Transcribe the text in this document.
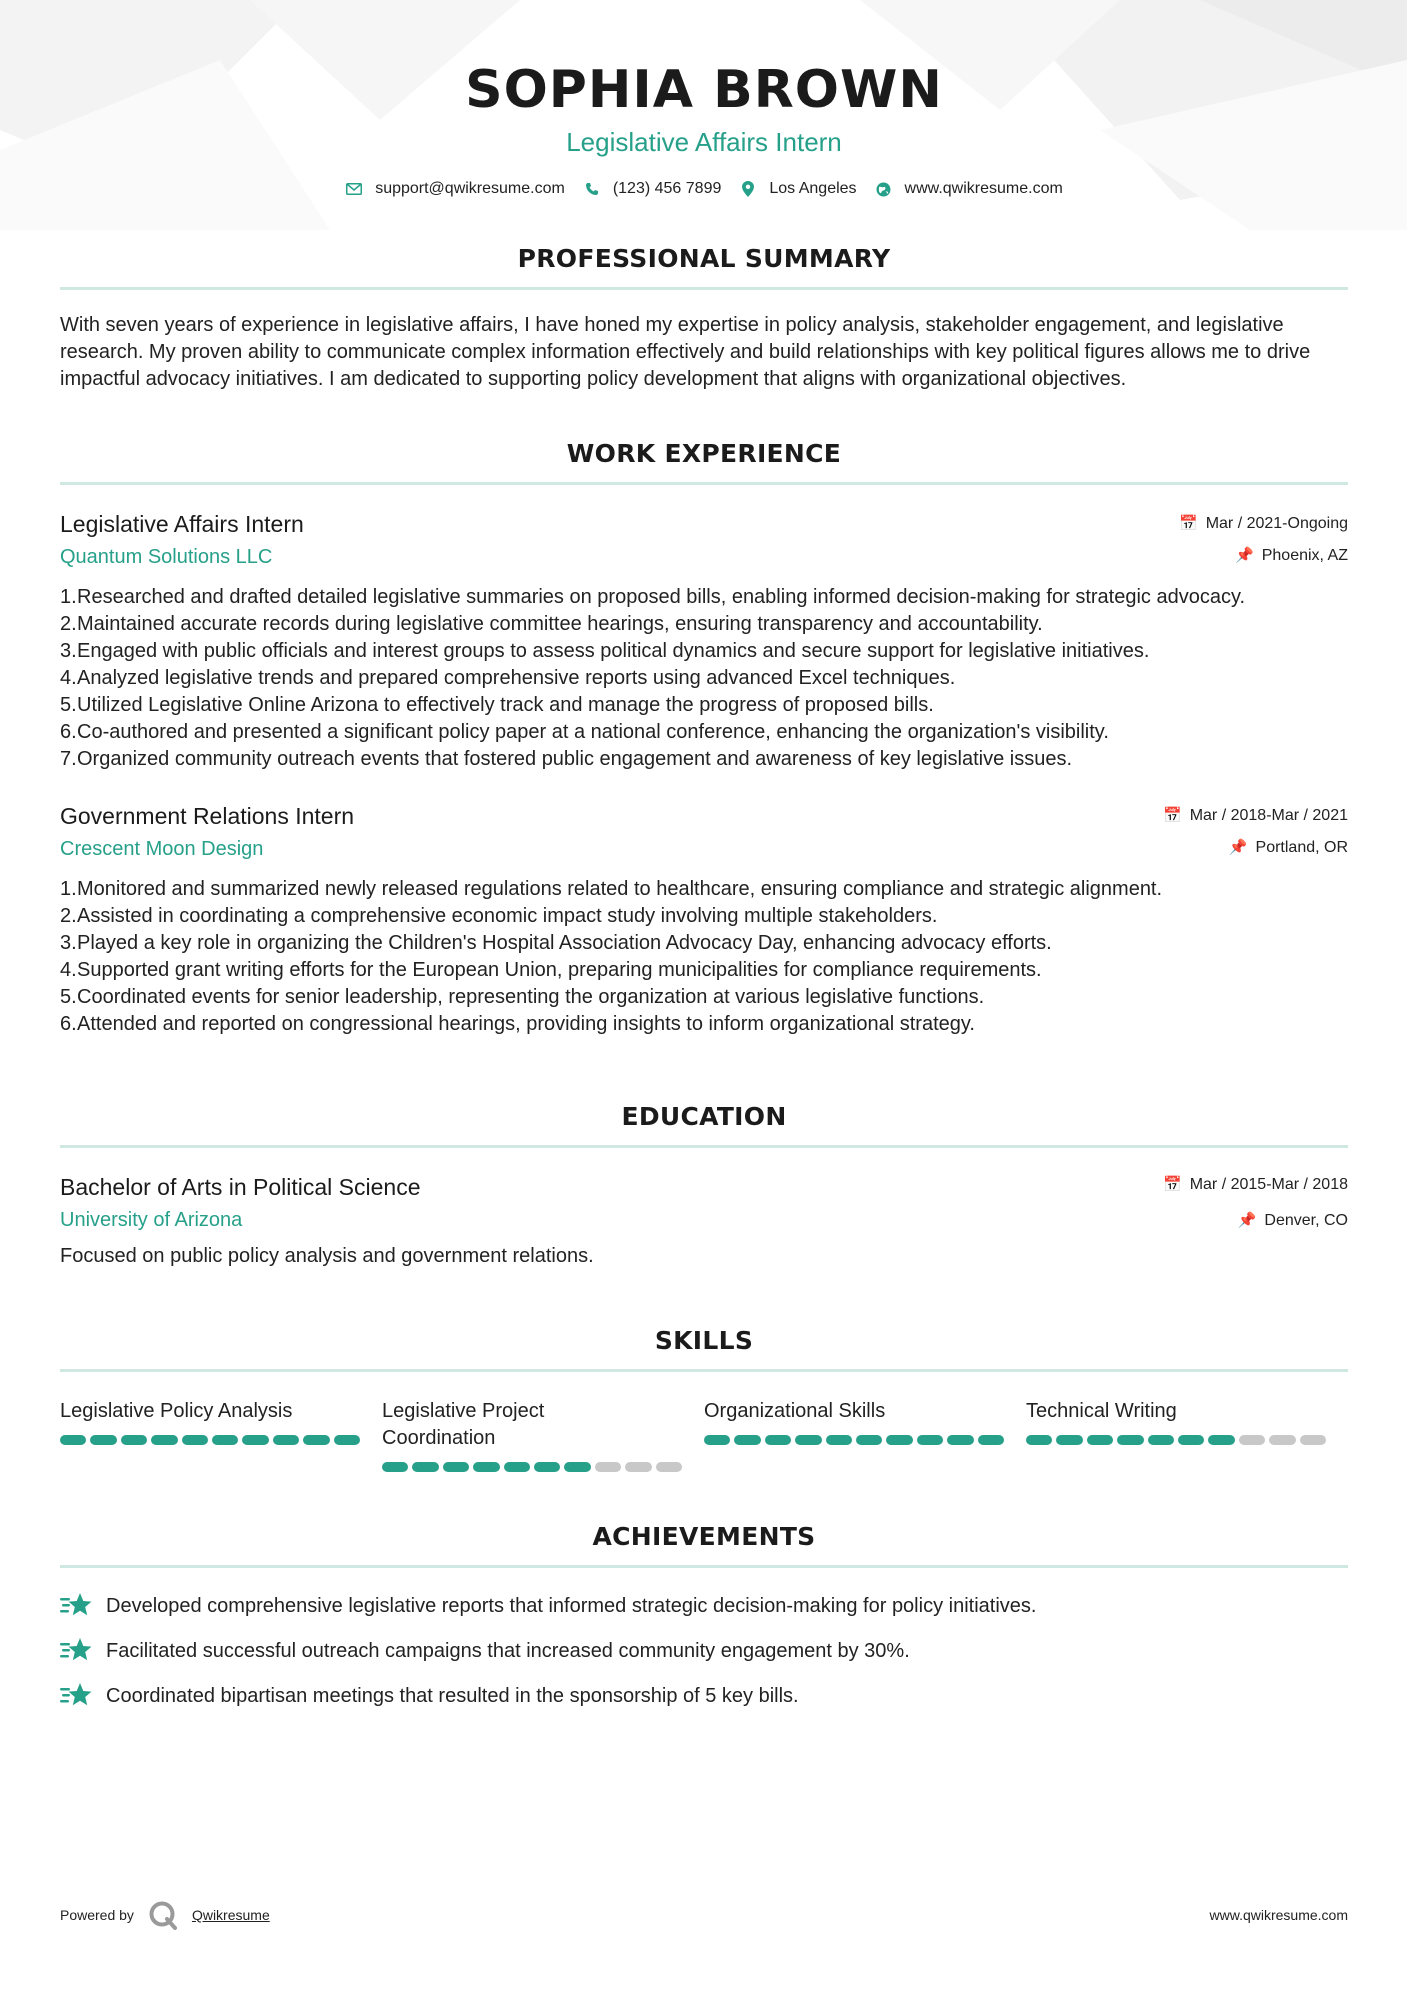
SOPHIA BROWN
Legislative Affairs Intern
support@qwikresume.com	(123) 456 7899	Los Angeles	www.qwikresume.com
PROFESSIONAL SUMMARY
With seven years of experience in legislative affairs, I have honed my expertise in policy analysis, stakeholder engagement, and legislative research. My proven ability to communicate complex information effectively and build relationships with key political figures allows me to drive impactful advocacy initiatives. I am dedicated to supporting policy development that aligns with organizational objectives.
WORK EXPERIENCE
Legislative Affairs Intern
Quantum Solutions LLC
📅 Mar / 2021-Ongoing
📌 Phoenix, AZ
1.Researched and drafted detailed legislative summaries on proposed bills, enabling informed decision-making for strategic advocacy.
2.Maintained accurate records during legislative committee hearings, ensuring transparency and accountability.
3.Engaged with public officials and interest groups to assess political dynamics and secure support for legislative initiatives.
4.Analyzed legislative trends and prepared comprehensive reports using advanced Excel techniques.
5.Utilized Legislative Online Arizona to effectively track and manage the progress of proposed bills.
6.Co-authored and presented a significant policy paper at a national conference, enhancing the organization's visibility.
7.Organized community outreach events that fostered public engagement and awareness of key legislative issues.
Government Relations Intern
Crescent Moon Design
📅 Mar / 2018-Mar / 2021
📌 Portland, OR
1.Monitored and summarized newly released regulations related to healthcare, ensuring compliance and strategic alignment.
2.Assisted in coordinating a comprehensive economic impact study involving multiple stakeholders.
3.Played a key role in organizing the Children's Hospital Association Advocacy Day, enhancing advocacy efforts.
4.Supported grant writing efforts for the European Union, preparing municipalities for compliance requirements.
5.Coordinated events for senior leadership, representing the organization at various legislative functions.
6.Attended and reported on congressional hearings, providing insights to inform organizational strategy.
EDUCATION
Bachelor of Arts in Political Science
University of Arizona
📅 Mar / 2015-Mar / 2018
📌 Denver, CO
Focused on public policy analysis and government relations.
SKILLS
Legislative Policy Analysis	Legislative Project Coordination
Organizational Skills	Technical Writing
ACHIEVEMENTS
Developed comprehensive legislative reports that informed strategic decision-making for policy initiatives.
Facilitated successful outreach campaigns that increased community engagement by 30%.
Coordinated bipartisan meetings that resulted in the sponsorship of 5 key bills.
Powered by	Qwikresume	www.qwikresume.com
